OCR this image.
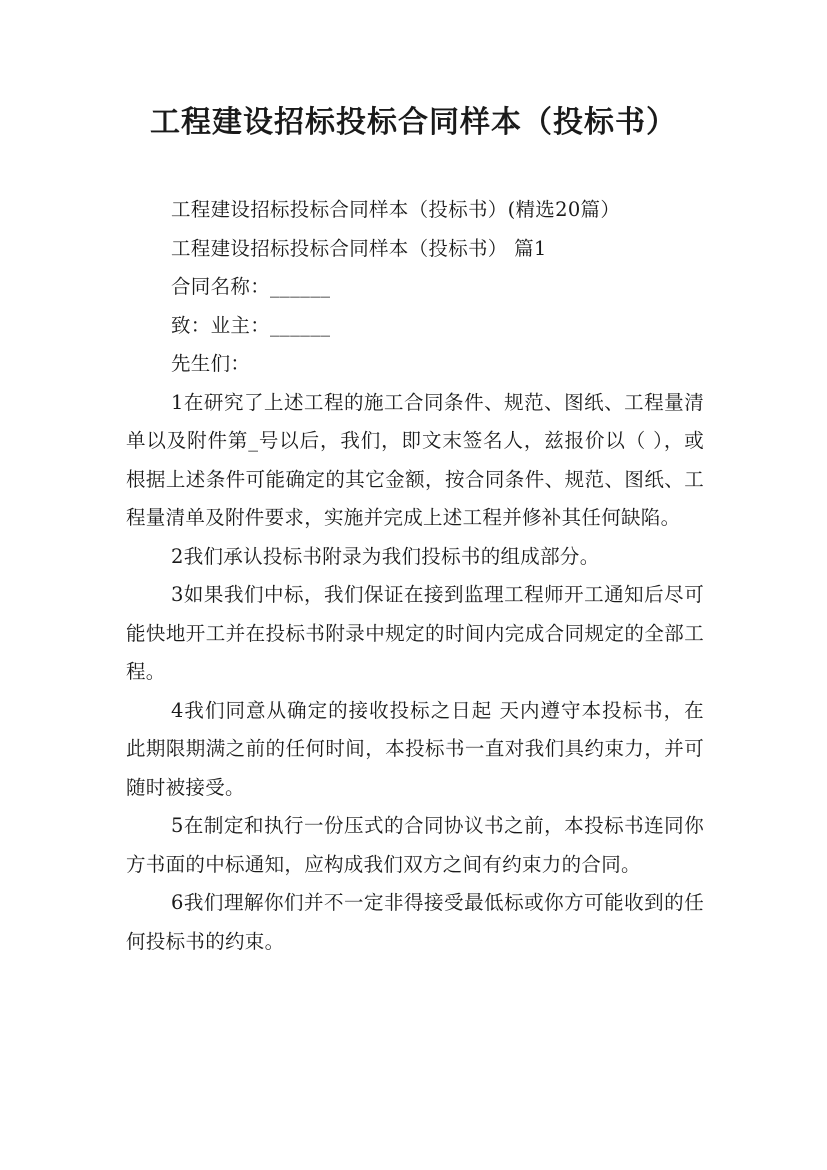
工程建设招标投标合同样本（投标书）

工程建设招标投标合同样本（投标书）(精选20篇）

工程建设招标投标合同样本（投标书） 篇1

合同名称：______

致：业主：______

先生们：

1在研究了上述工程的施工合同条件、规范、图纸、工程量清单以及附件第_号以后，我们，即文末签名人，兹报价以（ ），或根据上述条件可能确定的其它金额，按合同条件、规范、图纸、工程量清单及附件要求，实施并完成上述工程并修补其任何缺陷。

2我们承认投标书附录为我们投标书的组成部分。

3如果我们中标，我们保证在接到监理工程师开工通知后尽可能快地开工并在投标书附录中规定的时间内完成合同规定的全部工程。

4我们同意从确定的接收投标之日起 天内遵守本投标书，在此期限期满之前的任何时间，本投标书一直对我们具约束力，并可随时被接受。

5在制定和执行一份压式的合同协议书之前，本投标书连同你方书面的中标通知，应构成我们双方之间有约束力的合同。

6我们理解你们并不一定非得接受最低标或你方可能收到的任何投标书的约束。
